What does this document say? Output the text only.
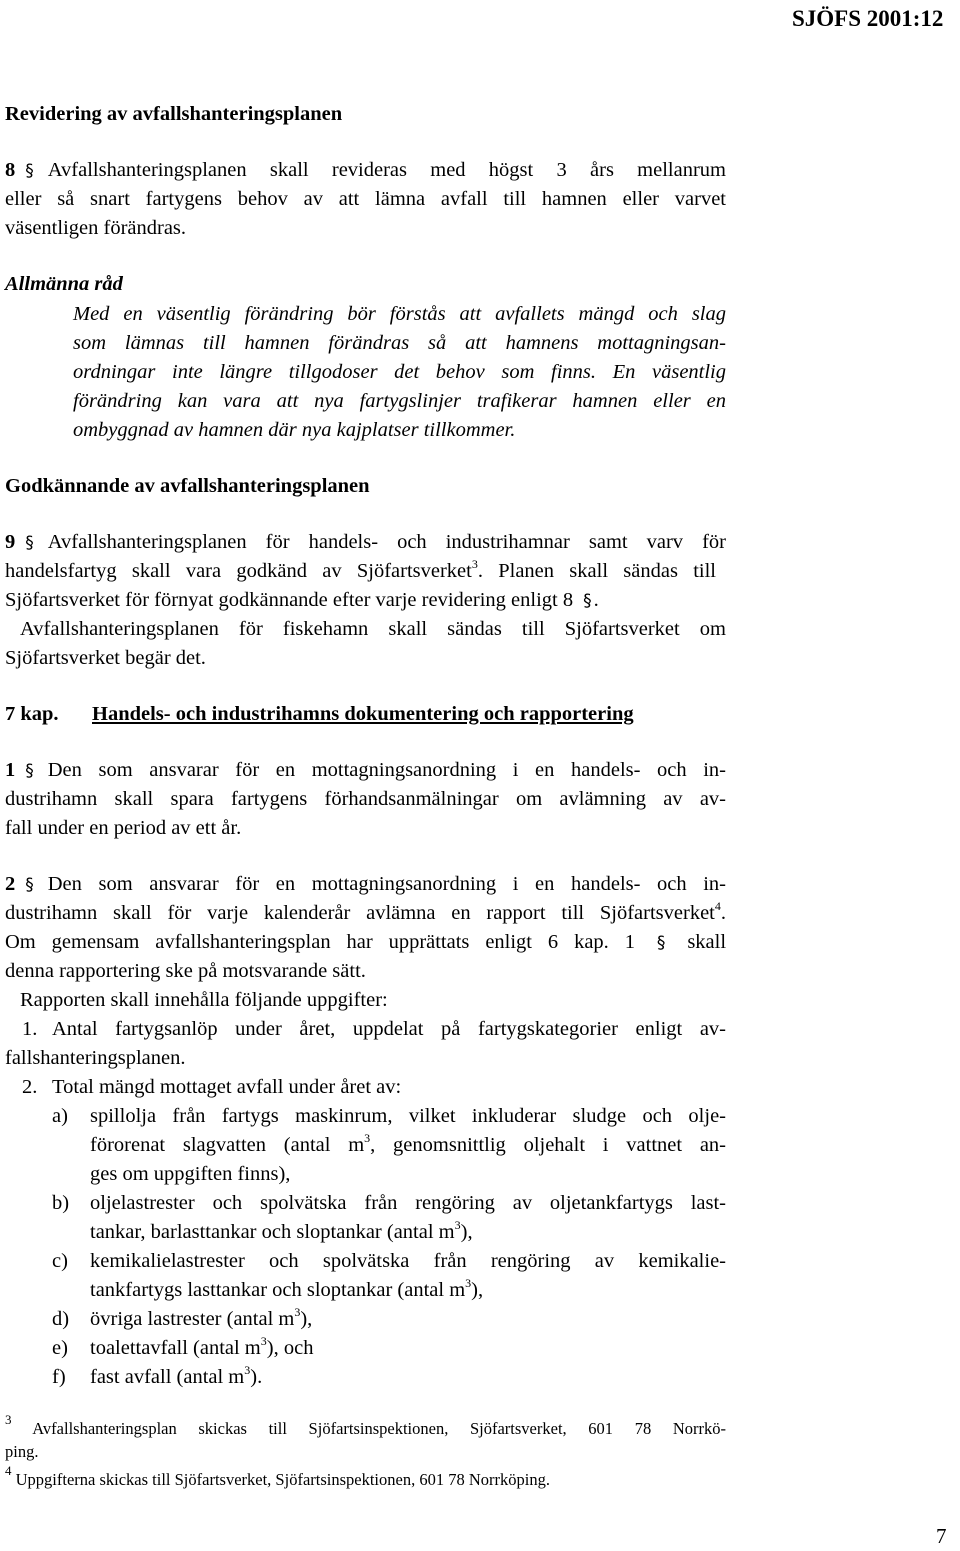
SJÖFS 2001:12
Revidering av avfallshanteringsplanen
8 § Avfallshanteringsplanen skall revideras med högst 3 års mellanrum
eller så snart fartygens behov av att lämna avfall till hamnen eller varvet
väsentligen förändras.
Allmänna råd
Med en väsentlig förändring bör förstås att avfallets mängd och slag
som lämnas till hamnen förändras så att hamnens mottagningsan-
ordningar inte längre tillgodoser det behov som finns. En väsentlig
förändring kan vara att nya fartygslinjer trafikerar hamnen eller en
ombyggnad av hamnen där nya kajplatser tillkommer.
Godkännande av avfallshanteringsplanen
9 § Avfallshanteringsplanen för handels- och industrihamnar samt varv för
handelsfartyg skall vara godkänd av Sjöfartsverket$^3$. Planen skall sändas till
Sjöfartsverket för förnyat godkännande efter varje revidering enligt 8 §.
Avfallshanteringsplanen för fiskehamn skall sändas till Sjöfartsverket om
Sjöfartsverket begär det.
7 kap. Handels- och industrihamns dokumentering och rapportering
1 § Den som ansvarar för en mottagningsanordning i en handels- och in-
dustrihamn skall spara fartygens förhandsanmälningar om avlämning av av-
fall under en period av ett år.
2 § Den som ansvarar för en mottagningsanordning i en handels- och in-
dustrihamn skall för varje kalenderår avlämna en rapport till Sjöfartsverket$^4$.
Om gemensam avfallshanteringsplan har upprättats enligt 6 kap. 1 § skall
denna rapportering ske på motsvarande sätt.
Rapporten skall innehålla följande uppgifter:
1. Antal fartygsanlöp under året, uppdelat på fartygskategorier enligt av-
fallshanteringsplanen.
2. Total mängd mottaget avfall under året av:
a) spillolja från fartygs maskinrum, vilket inkluderar sludge och olje-
förorenat slagvatten (antal $m^3$, genomsnittlig oljehalt i vattnet an-
ges om uppgiften finns),
b) oljelastrester och spolvätska från rengöring av oljetankfartygs last-
tankar, barlasttankar och sloptankar (antal $m^3$),
c) kemikalielastrester och spolvätska från rengöring av kemikalie-
tankfartygs lasttankar och sloptankar (antal $m^3$),
d) övriga lastrester (antal $m^3$),
e) toalettavfall (antal $m^3$), och
f) fast avfall (antal $m^3$).
$^3$ Avfallshanteringsplan skickas till Sjöfartsinspektionen, Sjöfartsverket, 601 78 Norrkö-
ping.
$^4$ Uppgifterna skickas till Sjöfartsverket, Sjöfartsinspektionen, 601 78 Norrköping.
7
